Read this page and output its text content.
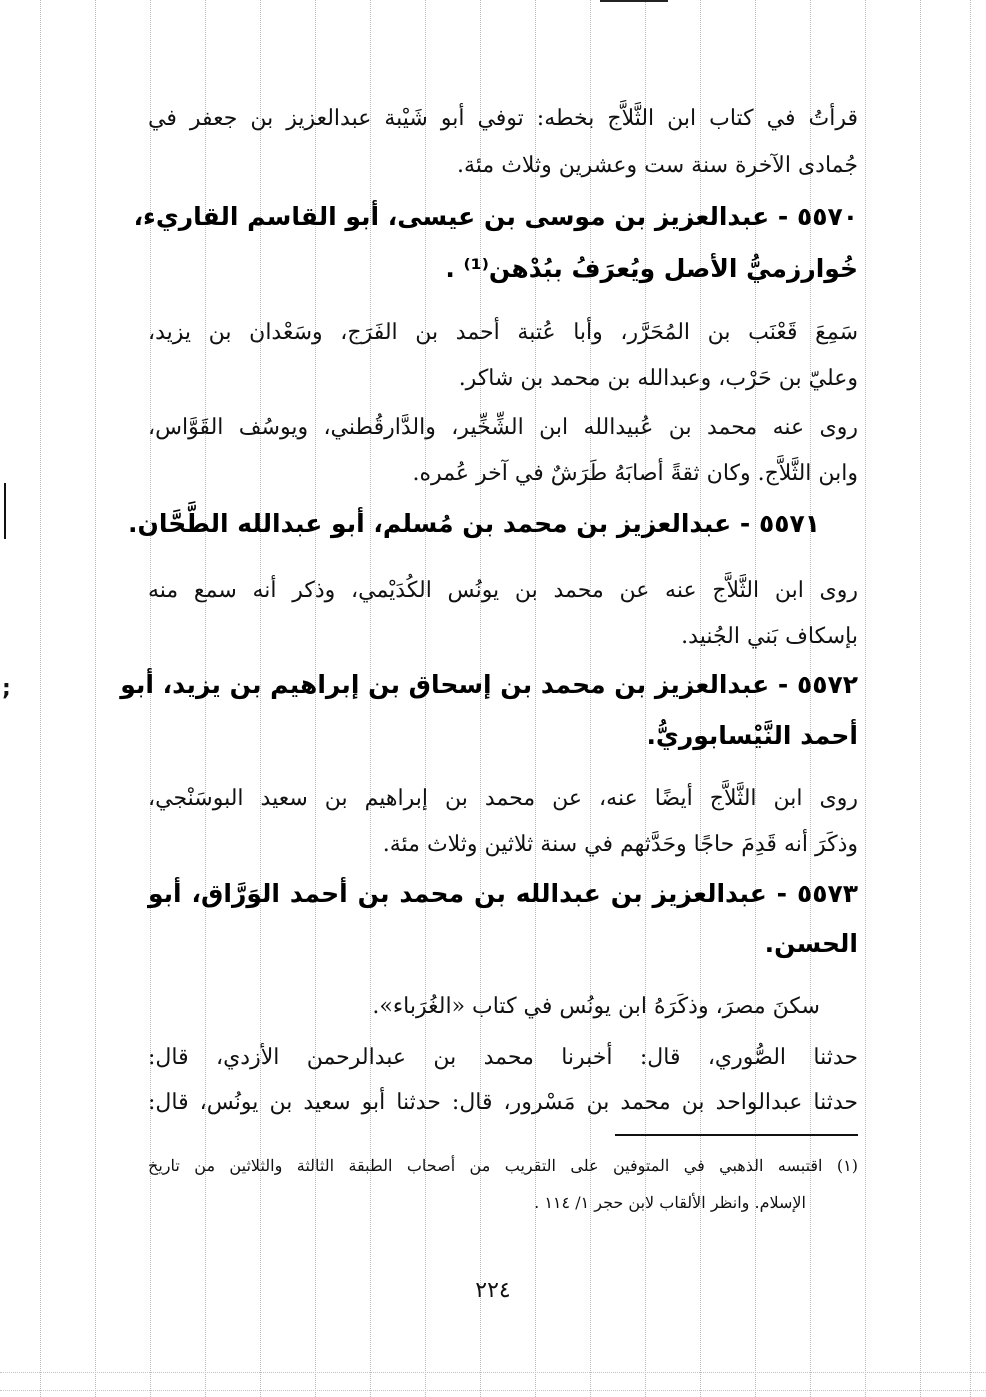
;
قرأتُ في كتاب ابن الثَّلاَّج بخطه: توفي أبو شَيْبة عبدالعزيز بن جعفر في
جُمادى الآخرة سنة ست وعشرين وثلاث مئة.
٥٥٧٠ - عبدالعزيز بن موسى بن عيسى، أبو القاسم القاريء،
خُوارزميُّ الأصل ويُعرَفُ ببُدْهن⁽¹⁾ .
سَمِعَ قَعْنَب بن المُحَرَّر، وأبا عُتبة أحمد بن الفَرَج، وسَعْدان بن يزيد،
وعليّ بن حَرْب، وعبدالله بن محمد بن شاكر.
روى عنه محمد بن عُبيدالله ابن الشِّخِّير، والدَّارقُطني، ويوسُف القَوَّاس،
وابن الثَّلاَّج. وكان ثقةً أصابَهُ طَرَشٌ في آخر عُمره.
٥٥٧١ - عبدالعزيز بن محمد بن مُسلم، أبو عبدالله الطَّحَّان.
روى ابن الثَّلاَّج عنه عن محمد بن يونُس الكُدَيْمي، وذكر أنه سمع منه
بإسكاف بَني الجُنيد.
٥٥٧٢ - عبدالعزيز بن محمد بن إسحاق بن إبراهيم بن يزيد، أبو
أحمد النَّيْسابوريُّ.
روى ابن الثَّلاَّج أيضًا عنه، عن محمد بن إبراهيم بن سعيد البوسَنْجي،
وذكَرَ أنه قَدِمَ حاجًا وحَدَّثهم في سنة ثلاثين وثلاث مئة.
٥٥٧٣ - عبدالعزيز بن عبدالله بن محمد بن أحمد الوَرَّاق، أبو
الحسن.
سكنَ مصرَ، وذكَرَهُ ابن يونُس في كتاب «الغُرَباء».
حدثنا الصُّوري، قال: أخبرنا محمد بن عبدالرحمن الأزدي، قال:
حدثنا عبدالواحد بن محمد بن مَسْرور، قال: حدثنا أبو سعيد بن يونُس، قال:
(١) اقتبسه الذهبي في المتوفين على التقريب من أصحاب الطبقة الثالثة والثلاثين من تاريخ
الإسلام. وانظر الألقاب لابن حجر ١/ ١١٤ .
٢٢٤
